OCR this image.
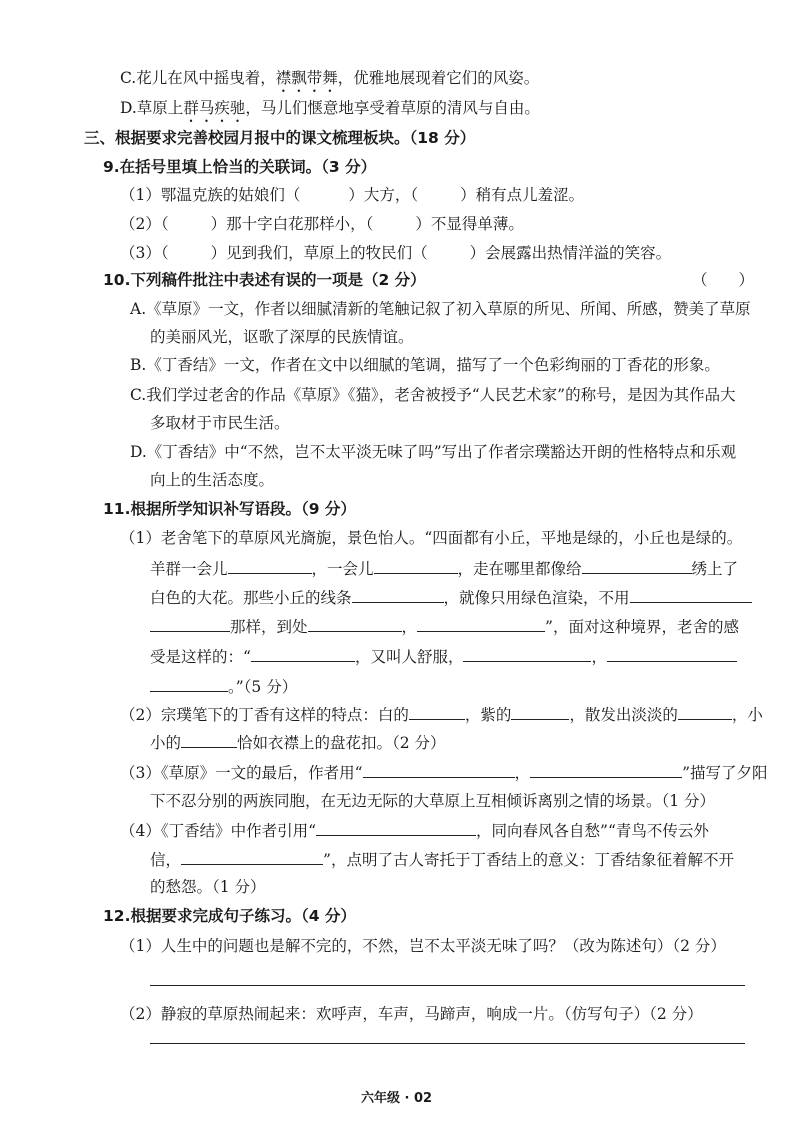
C.花儿在风中摇曳着，襟飘带舞，优雅地展现着它们的风姿。
D.草原上群马疾驰，马儿们惬意地享受着草原的清风与自由。
三、根据要求完善校园月报中的课文梳理板块。（18 分）
9.在括号里填上恰当的关联词。（3 分）
（1）鄂温克族的姑娘们（	）大方，（	）稍有点儿羞涩。
（2）（	）那十字白花那样小，（	）不显得单薄。
（3）（	）见到我们，草原上的牧民们（	）会展露出热情洋溢的笑容。
10.下列稿件批注中表述有误的一项是（2 分）	（　　）
A.《草原》一文，作者以细腻清新的笔触记叙了初入草原的所见、所闻、所感，赞美了草原
的美丽风光，讴歌了深厚的民族情谊。
B.《丁香结》一文，作者在文中以细腻的笔调，描写了一个色彩绚丽的丁香花的形象。
C.我们学过老舍的作品《草原》《猫》，老舍被授予“人民艺术家”的称号，是因为其作品大
多取材于市民生活。
D.《丁香结》中“不然，岂不太平淡无味了吗”写出了作者宗璞豁达开朗的性格特点和乐观
向上的生活态度。
11.根据所学知识补写语段。（9 分）
（1）老舍笔下的草原风光旖旎，景色怡人。“四面都有小丘，平地是绿的，小丘也是绿的。
羊群一会儿	，一会儿	，走在哪里都像给	绣上了
白色的大花。那些小丘的线条	，就像只用绿色渲染，不用
那样，到处	，	”，面对这种境界，老舍的感
受是这样的：“	，又叫人舒服，	，
。”（5 分）
（2）宗璞笔下的丁香有这样的特点：白的	，紫的	，散发出淡淡的	，小
小的	恰如衣襟上的盘花扣。（2 分）
（3）《草原》一文的最后，作者用“	，	”描写了夕阳
下不忍分别的两族同胞，在无边无际的大草原上互相倾诉离别之情的场景。（1 分）
（4）《丁香结》中作者引用“	，同向春风各自愁”“青鸟不传云外
信，	”，点明了古人寄托于丁香结上的意义：丁香结象征着解不开
的愁怨。（1 分）
12.根据要求完成句子练习。（4 分）
（1）人生中的问题也是解不完的，不然，岂不太平淡无味了吗？（改为陈述句）（2 分）
（2）静寂的草原热闹起来：欢呼声，车声，马蹄声，响成一片。（仿写句子）（2 分）
六年级 · 02
